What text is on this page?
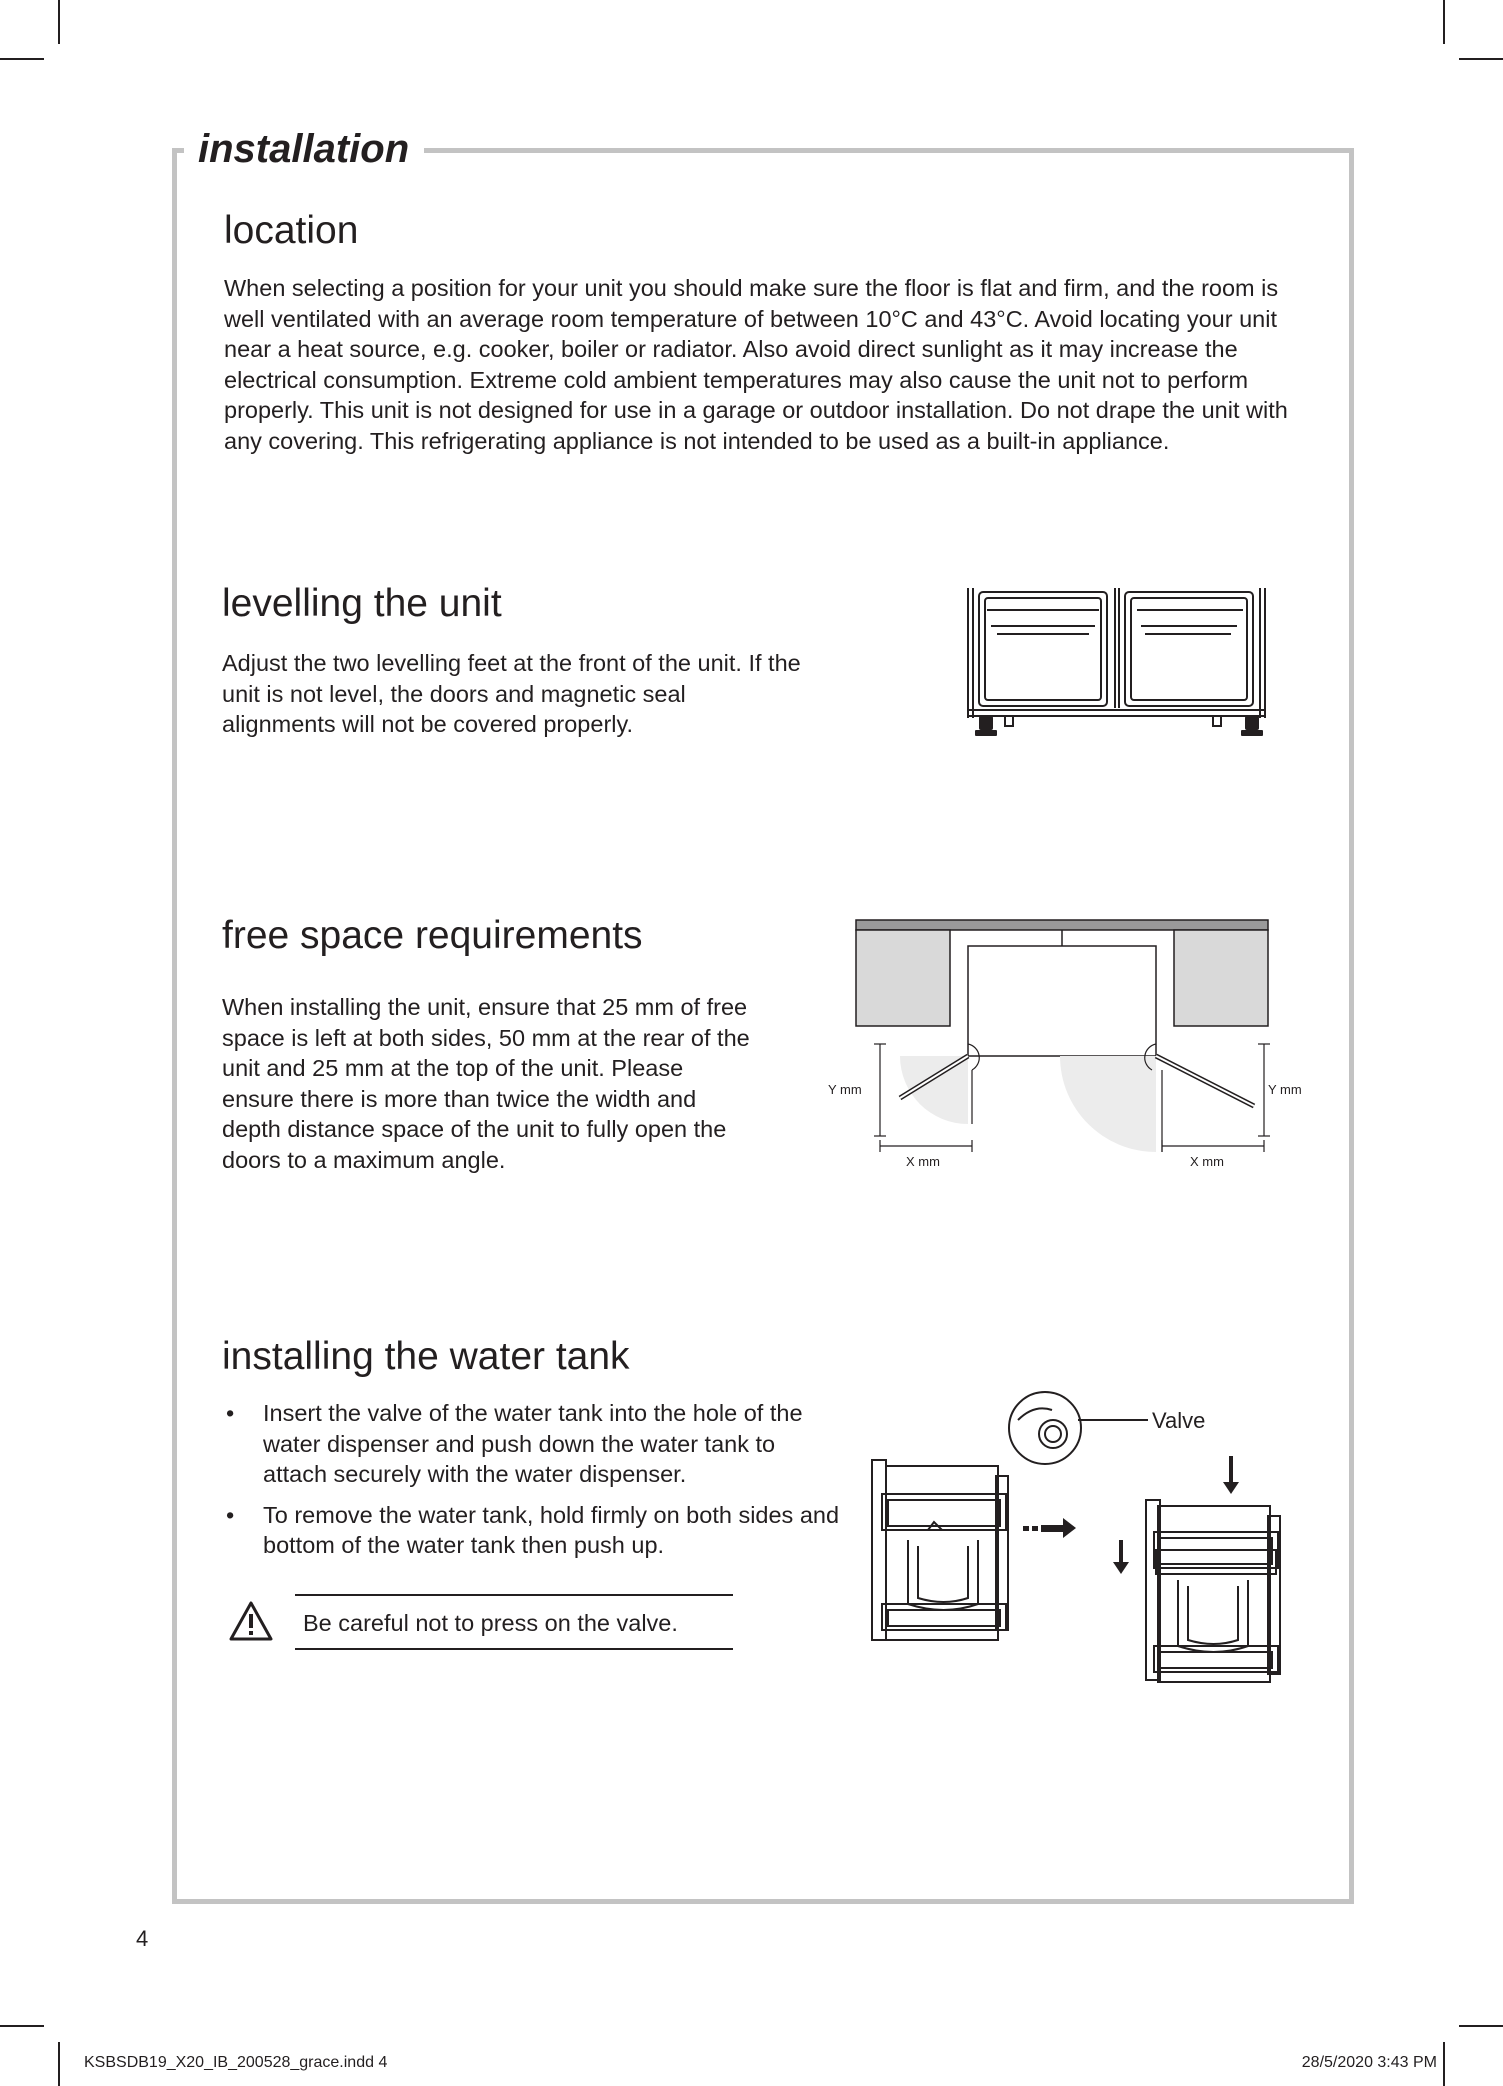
installation
location

When selecting a position for your unit you should make sure the floor is flat and firm, and the room is well ventilated with an average room temperature of between 10°C and 43°C. Avoid locating your unit near a heat source, e.g. cooker, boiler or radiator. Also avoid direct sunlight as it may increase the electrical consumption. Extreme cold ambient temperatures may also cause the unit not to perform properly. This unit is not designed for use in a garage or outdoor installation. Do not drape the unit with any covering. This refrigerating appliance is not intended to be used as a built-in appliance.

levelling the unit

Adjust the two levelling feet at the front of the unit. If the unit is not level, the doors and magnetic seal alignments will not be covered properly.

free space requirements

When installing the unit, ensure that 25 mm of free space is left at both sides, 50 mm at the rear of the unit and 25 mm at the top of the unit. Please ensure there is more than twice the width and depth distance space of the unit to fully open the doors to a maximum angle.

Y mm	Y mm
X mm	X mm
installing the water tank
• Insert the valve of the water tank into the hole of the water dispenser and push down the water tank to attach securely with the water dispenser.
• To remove the water tank, hold firmly on both sides and bottom of the water tank then push up.

Be careful not to press on the valve.

Valve

4

KSBSDB19_X20_IB_200528_grace.indd 4	28/5/2020 3:43 PM
